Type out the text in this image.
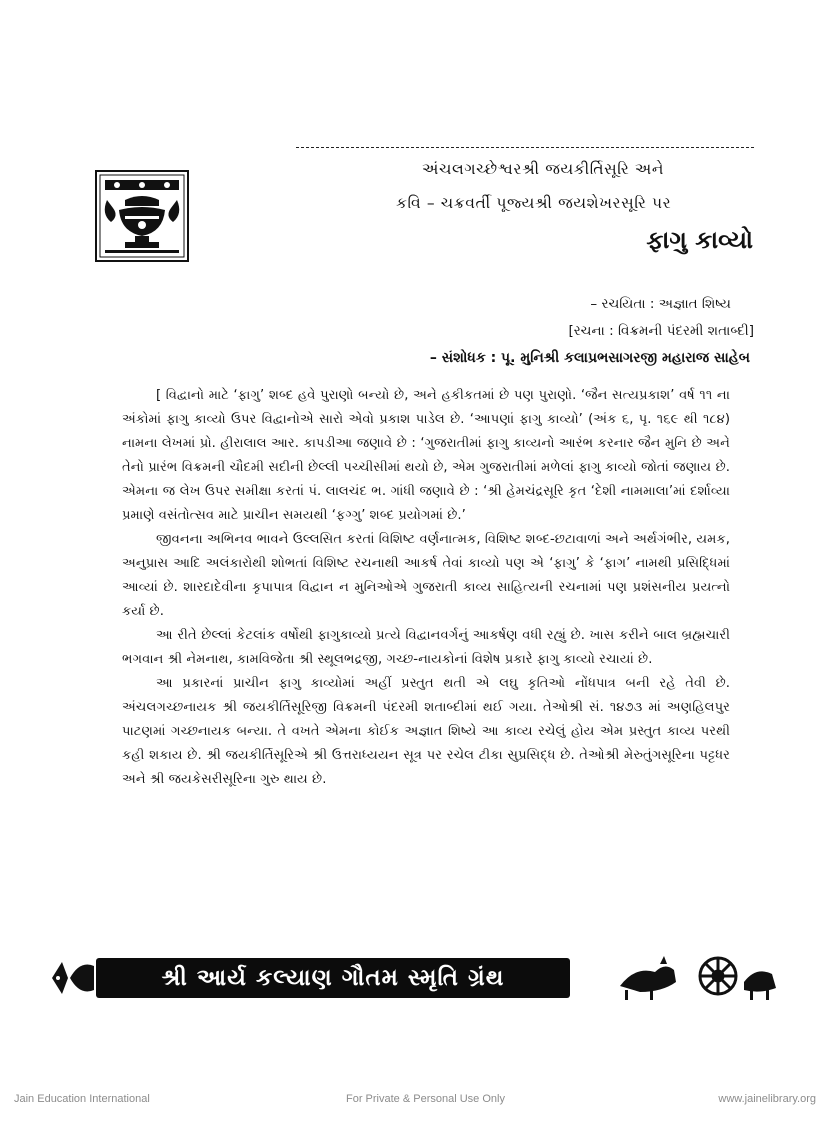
અંચલગચ્છેશ્વરશ્રી જયકીર્તિસૂરિ અને
કવિ – ચક્રવર્તી પૂજ્યશ્રી જયશેખરસૂરિ પર
ફાગુ કાવ્યો
– રચયિતા : અજ્ઞાત શિષ્ય
[રચના : વિક્રમની પંદરમી શતાબ્દી]
– સંશોધક : પૂ. મુનિશ્રી કલાપ્રભસાગરજી મહારાજ સાહેબ

[ વિદ્વાનો માટે ‘ફાગુ’ શબ્દ હવે પુરાણો બન્યો છે, અને હકીકતમાં છે પણ પુરાણો. ‘જૈન સત્યપ્રકાશ’ વર્ષ ૧૧ ના અંકોમાં ફાગુ કાવ્યો ઉપર વિદ્વાનોએ સારો એવો પ્રકાશ પાડેલ છે. ‘આપણાં ફાગુ કાવ્યો’ (અંક ૬, પૃ. ૧૬૯ થી ૧૮૪) નામના લેખમાં પ્રો. હીરાલાલ આર. કાપડીઆ જણાવે છે : ‘ગુજરાતીમાં ફાગુ કાવ્યનો આરંભ કરનાર જૈન મુનિ છે અને તેનો પ્રારંભ વિક્રમની ચૌદમી સદીની છેલ્લી પચ્ચીસીમાં થયો છે, એમ ગુજરાતીમાં મળેલાં ફાગુ કાવ્યો જોતાં જણાય છે. એમના જ લેખ ઉપર સમીક્ષા કરતાં પં. લાલચંદ ભ. ગાંધી જણાવે છે : ‘શ્રી હેમચંદ્રસૂરિ કૃત ‘દેશી નામમાલા’માં દર્શાવ્યા પ્રમાણે વસંતોત્સવ માટે પ્રાચીન સમયથી ‘ફગ્ગુ’ શબ્દ પ્રયોગમાં છે.’

જીવનના અભિનવ ભાવને ઉલ્લસિત કરતાં વિશિષ્ટ વર્ણનાત્મક, વિશિષ્ટ શબ્દ-છટાવાળાં અને અર્થગંભીર, યમક, અનુપ્રાસ આદિ અલંકારોથી શોભતાં વિશિષ્ટ રચનાથી આકર્ષ તેવાં કાવ્યો પણ એ ‘ફાગુ’ કે ‘ફાગ’ નામથી પ્રસિદ્ધિમાં આવ્યાં છે. શારદાદેવીના કૃપાપાત્ર વિદ્વાન ન મુનિઓએ ગુજરાતી કાવ્ય સાહિત્યની રચનામાં પણ પ્રશંસનીય પ્રયત્નો કર્યા છે.

આ રીતે છેલ્લાં કેટલાંક વર્ષોથી ફાગુકાવ્યો પ્રત્યે વિદ્વાનવર્ગનું આકર્ષણ વધી રહ્યું છે. ખાસ કરીને બાલ બ્રહ્મચારી ભગવાન શ્રી નેમનાથ, કામવિજેતા શ્રી સ્થૂલભદ્રજી, ગચ્છ-નાયકોનાં વિશેષ પ્રકારે ફાગુ કાવ્યો રચાયાં છે.

આ પ્રકારનાં પ્રાચીન ફાગુ કાવ્યોમાં અહીં પ્રસ્તુત થતી એ લઘુ કૃતિઓ નોંધપાત્ર બની રહે તેવી છે. અંચલગચ્છનાયક શ્રી જયકીર્તિસૂરિજી વિક્રમની પંદરમી શતાબ્દીમાં થઈ ગયા. તેઓશ્રી સં. ૧૪૭૩ માં અણહિલપુર પાટણમાં ગચ્છનાયક બન્યા. તે વખતે એમના કોઈક અજ્ઞાત શિષ્યે આ કાવ્ય રચેલું હોય એમ પ્રસ્તુત કાવ્ય પરથી કહી શકાય છે. શ્રી જયકીર્તિસૂરિએ શ્રી ઉત્તરાધ્યયન સૂત્ર પર રચેલ ટીકા સુપ્રસિદ્ધ છે. તેઓશ્રી મેરુતુંગસૂરિના પટ્ટધર અને શ્રી જયકેસરીસૂરિના ગુરુ થાય છે.

શ્રી આર્ય કલ્યાણ ગૌતમ સ્મૃતિ ગ્રંથ
Jain Education International	For Private & Personal Use Only	www.jainelibrary.org
